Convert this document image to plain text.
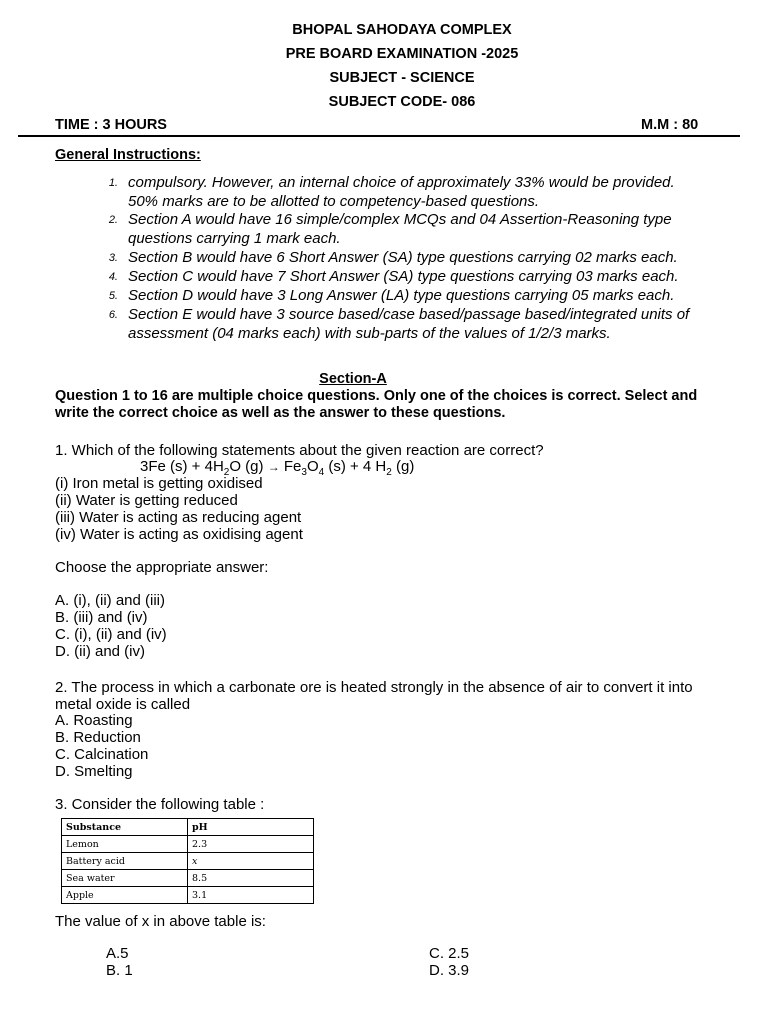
BHOPAL SAHODAYA COMPLEX
PRE BOARD EXAMINATION -2025
SUBJECT - SCIENCE
SUBJECT CODE- 086
TIME : 3 HOURS	M.M : 80
General Instructions:
1. compulsory. However, an internal choice of approximately 33% would be provided.
50% marks are to be allotted to competency-based questions.
2. Section A would have 16 simple/complex MCQs and 04 Assertion-Reasoning type
questions carrying 1 mark each.
3. Section B would have 6 Short Answer (SA) type questions carrying 02 marks each.
4. Section C would have 7 Short Answer (SA) type questions carrying 03 marks each.
5. Section D would have 3 Long Answer (LA) type questions carrying 05 marks each.
6. Section E would have 3 source based/case based/passage based/integrated units of
assessment (04 marks each) with sub-parts of the values of 1/2/3 marks.
Section-A
Question 1 to 16 are multiple choice questions. Only one of the choices is correct. Select and
write the correct choice as well as the answer to these questions.
1. Which of the following statements about the given reaction are correct?
3Fe $(s) + 4H_2O$ $(g) \to Fe_3O_4$ (s) + 4 $H_2$ (g)
(i) Iron metal is getting oxidised
(ii) Water is getting reduced
(iii) Water is acting as reducing agent
(iv) Water is acting as oxidising agent
Choose the appropriate answer:
A. (i), (ii) and (iii)
B. (iii) and (iv)
C. (i), (ii) and (iv)
D. (ii) and (iv)
2. The process in which a carbonate ore is heated strongly in the absence of air to convert it into
metal oxide is called
A. Roasting
B. Reduction
C. Calcination
D. Smelting
3. Consider the following table :
Substance	pH
Lemon	2.3
Battery acid	x
Sea water	8.5
Apple	3.1
The value of x in above table is:
A.5	C. 2.5
B. 1	D. 3.9
